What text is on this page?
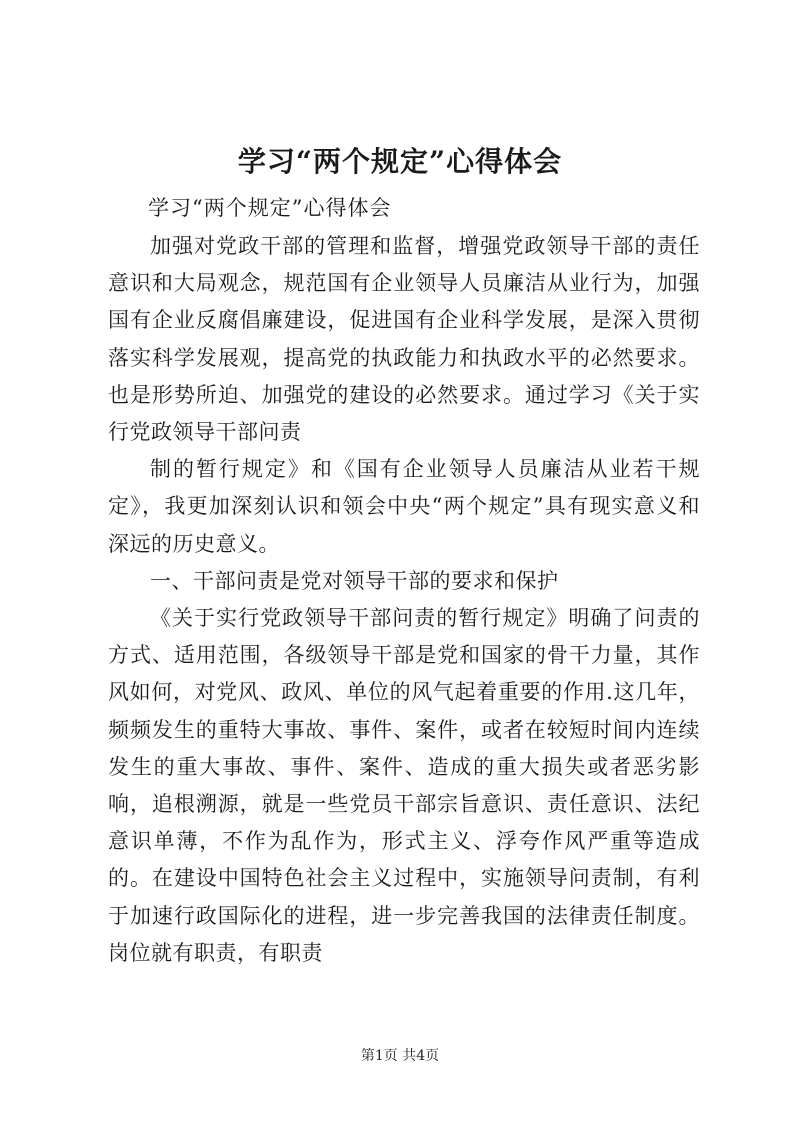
学习“两个规定”心得体会
学习“两个规定”心得体会

加强对党政干部的管理和监督，增强党政领导干部的责任意识和大局观念，规范国有企业领导人员廉洁从业行为，加强国有企业反腐倡廉建设，促进国有企业科学发展，是深入贯彻落实科学发展观，提高党的执政能力和执政水平的必然要求。也是形势所迫、加强党的建设的必然要求。通过学习《关于实行党政领导干部问责

制的暂行规定》和《国有企业领导人员廉洁从业若干规定》，我更加深刻认识和领会中央“两个规定”具有现实意义和深远的历史意义。

一、干部问责是党对领导干部的要求和保护

《关于实行党政领导干部问责的暂行规定》明确了问责的方式、适用范围，各级领导干部是党和国家的骨干力量，其作风如何，对党风、政风、单位的风气起着重要的作用.这几年，频频发生的重特大事故、事件、案件，或者在较短时间内连续发生的重大事故、事件、案件、造成的重大损失或者恶劣影响，追根溯源，就是一些党员干部宗旨意识、责任意识、法纪意识单薄，不作为乱作为，形式主义、浮夸作风严重等造成的。在建设中国特色社会主义过程中，实施领导问责制，有利于加速行政国际化的进程，进一步完善我国的法律责任制度。岗位就有职责，有职责

第1页 共4页
